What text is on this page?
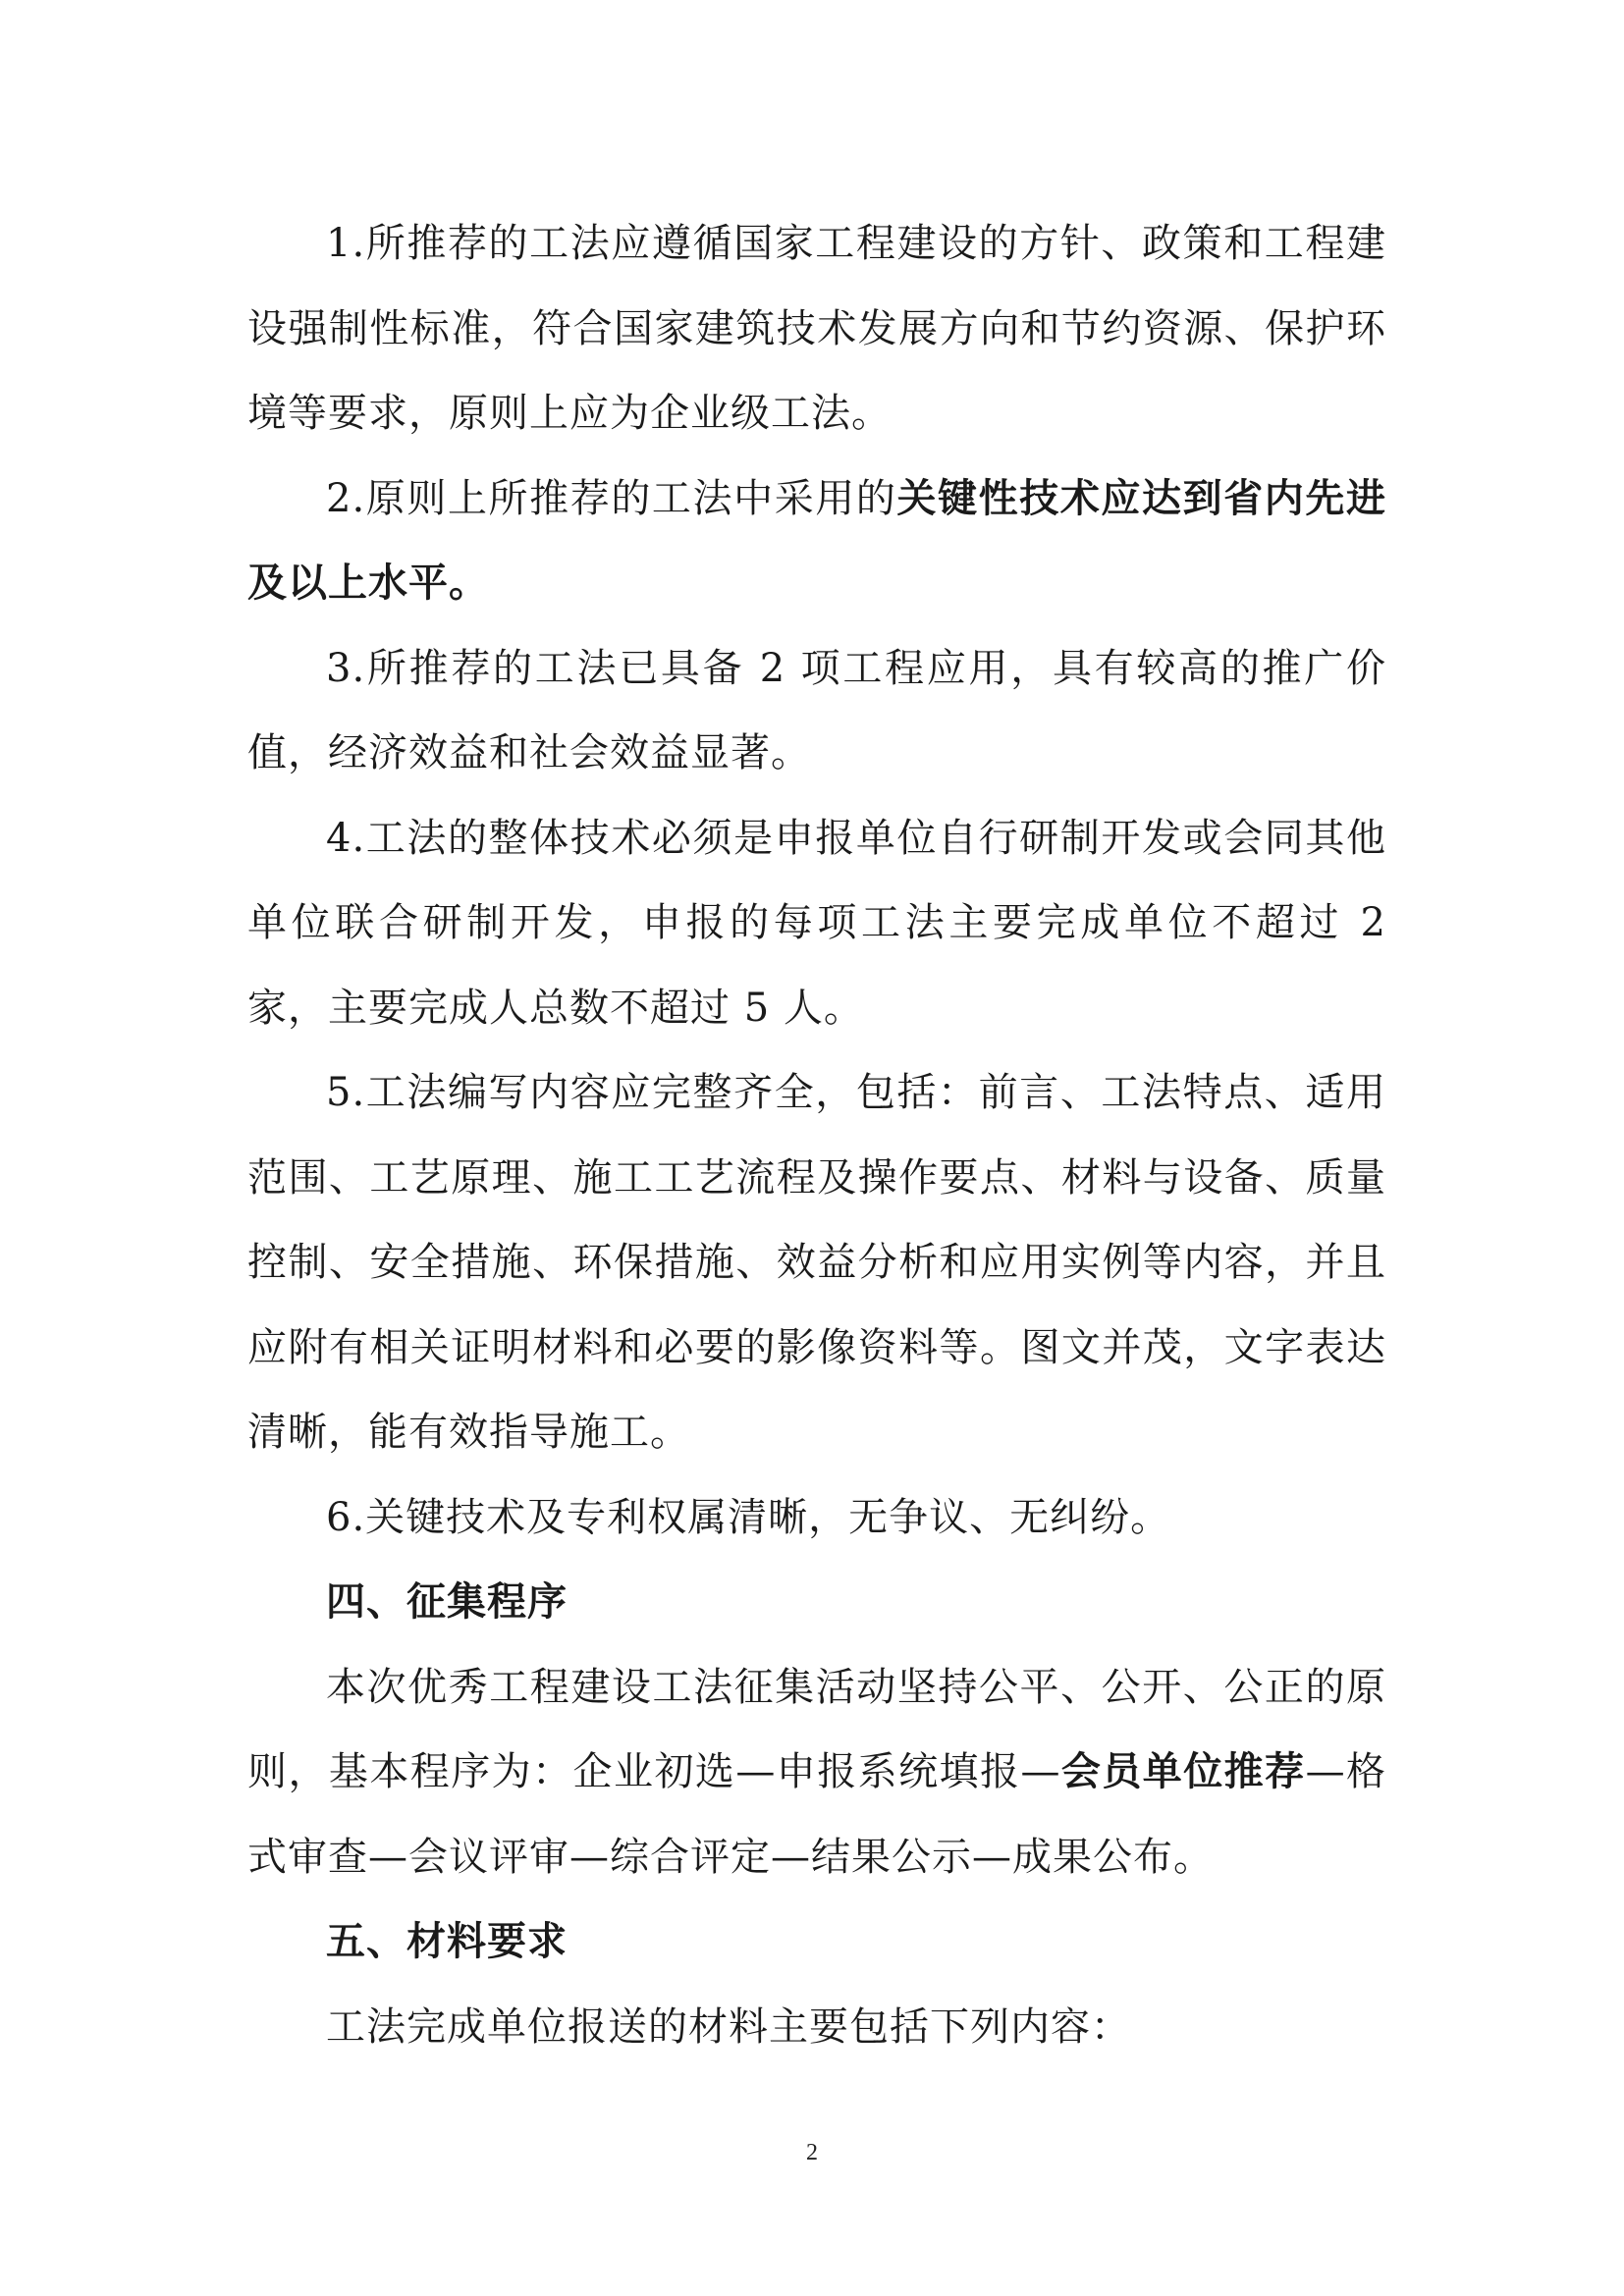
1.所推荐的工法应遵循国家工程建设的方针、政策和工程建设强制性标准，符合国家建筑技术发展方向和节约资源、保护环境等要求，原则上应为企业级工法。

2.原则上所推荐的工法中采用的关键性技术应达到省内先进及以上水平。

3.所推荐的工法已具备 2 项工程应用，具有较高的推广价值，经济效益和社会效益显著。

4.工法的整体技术必须是申报单位自行研制开发或会同其他单位联合研制开发，申报的每项工法主要完成单位不超过 2 家，主要完成人总数不超过 5 人。

5.工法编写内容应完整齐全，包括：前言、工法特点、适用范围、工艺原理、施工工艺流程及操作要点、材料与设备、质量控制、安全措施、环保措施、效益分析和应用实例等内容，并且应附有相关证明材料和必要的影像资料等。图文并茂，文字表达清晰，能有效指导施工。

6.关键技术及专利权属清晰，无争议、无纠纷。

四、征集程序

本次优秀工程建设工法征集活动坚持公平、公开、公正的原则，基本程序为：企业初选—申报系统填报—会员单位推荐—格式审查—会议评审—综合评定—结果公示—成果公布。

五、材料要求

工法完成单位报送的材料主要包括下列内容：

2
